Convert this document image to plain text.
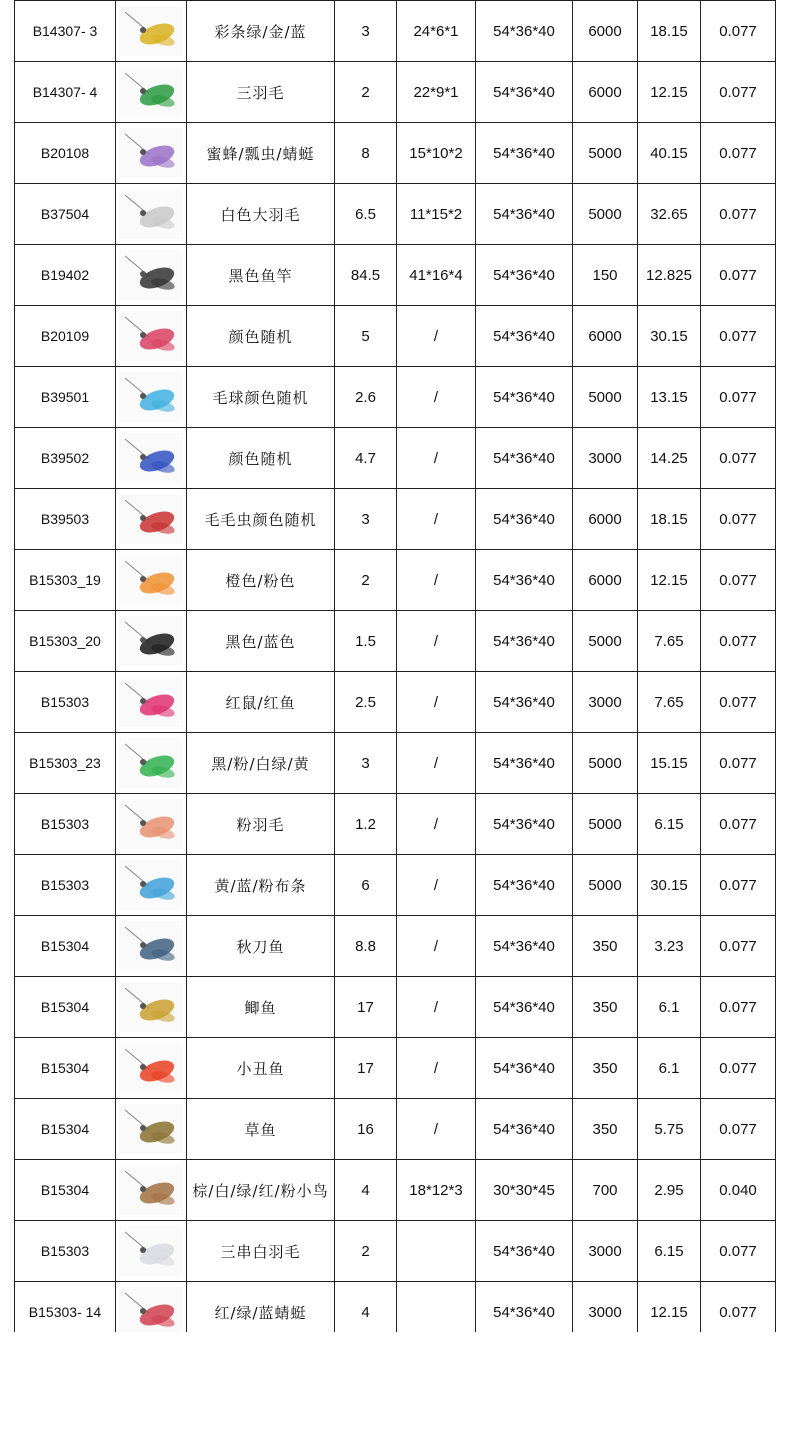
B14307- 3		彩条绿/金/蓝	3	24*6*1	54*36*40	6000	18.15	0.077
B14307- 4		三羽毛	2	22*9*1	54*36*40	6000	12.15	0.077
B20108		蜜蜂/瓢虫/蜻蜓	8	15*10*2	54*36*40	5000	40.15	0.077
B37504		白色大羽毛	6.5	11*15*2	54*36*40	5000	32.65	0.077
B19402		黑色鱼竿	84.5	41*16*4	54*36*40	150	12.825	0.077
B20109		颜色随机	5	/	54*36*40	6000	30.15	0.077
B39501		毛球颜色随机	2.6	/	54*36*40	5000	13.15	0.077
B39502		颜色随机	4.7	/	54*36*40	3000	14.25	0.077
B39503		毛毛虫颜色随机	3	/	54*36*40	6000	18.15	0.077
B15303_19		橙色/粉色	2	/	54*36*40	6000	12.15	0.077
B15303_20		黑色/蓝色	1.5	/	54*36*40	5000	7.65	0.077
B15303		红鼠/红鱼	2.5	/	54*36*40	3000	7.65	0.077
B15303_23		黑/粉/白绿/黄	3	/	54*36*40	5000	15.15	0.077
B15303		粉羽毛	1.2	/	54*36*40	5000	6.15	0.077
B15303		黄/蓝/粉布条	6	/	54*36*40	5000	30.15	0.077
B15304		秋刀鱼	8.8	/	54*36*40	350	3.23	0.077
B15304		鲫鱼	17	/	54*36*40	350	6.1	0.077
B15304		小丑鱼	17	/	54*36*40	350	6.1	0.077
B15304		草鱼	16	/	54*36*40	350	5.75	0.077
B15304		棕/白/绿/红/粉小鸟	4	18*12*3	30*30*45	700	2.95	0.040
B15303		三串白羽毛	2		54*36*40	3000	6.15	0.077
B15303- 14		红/绿/蓝蜻蜓	4		54*36*40	3000	12.15	0.077
